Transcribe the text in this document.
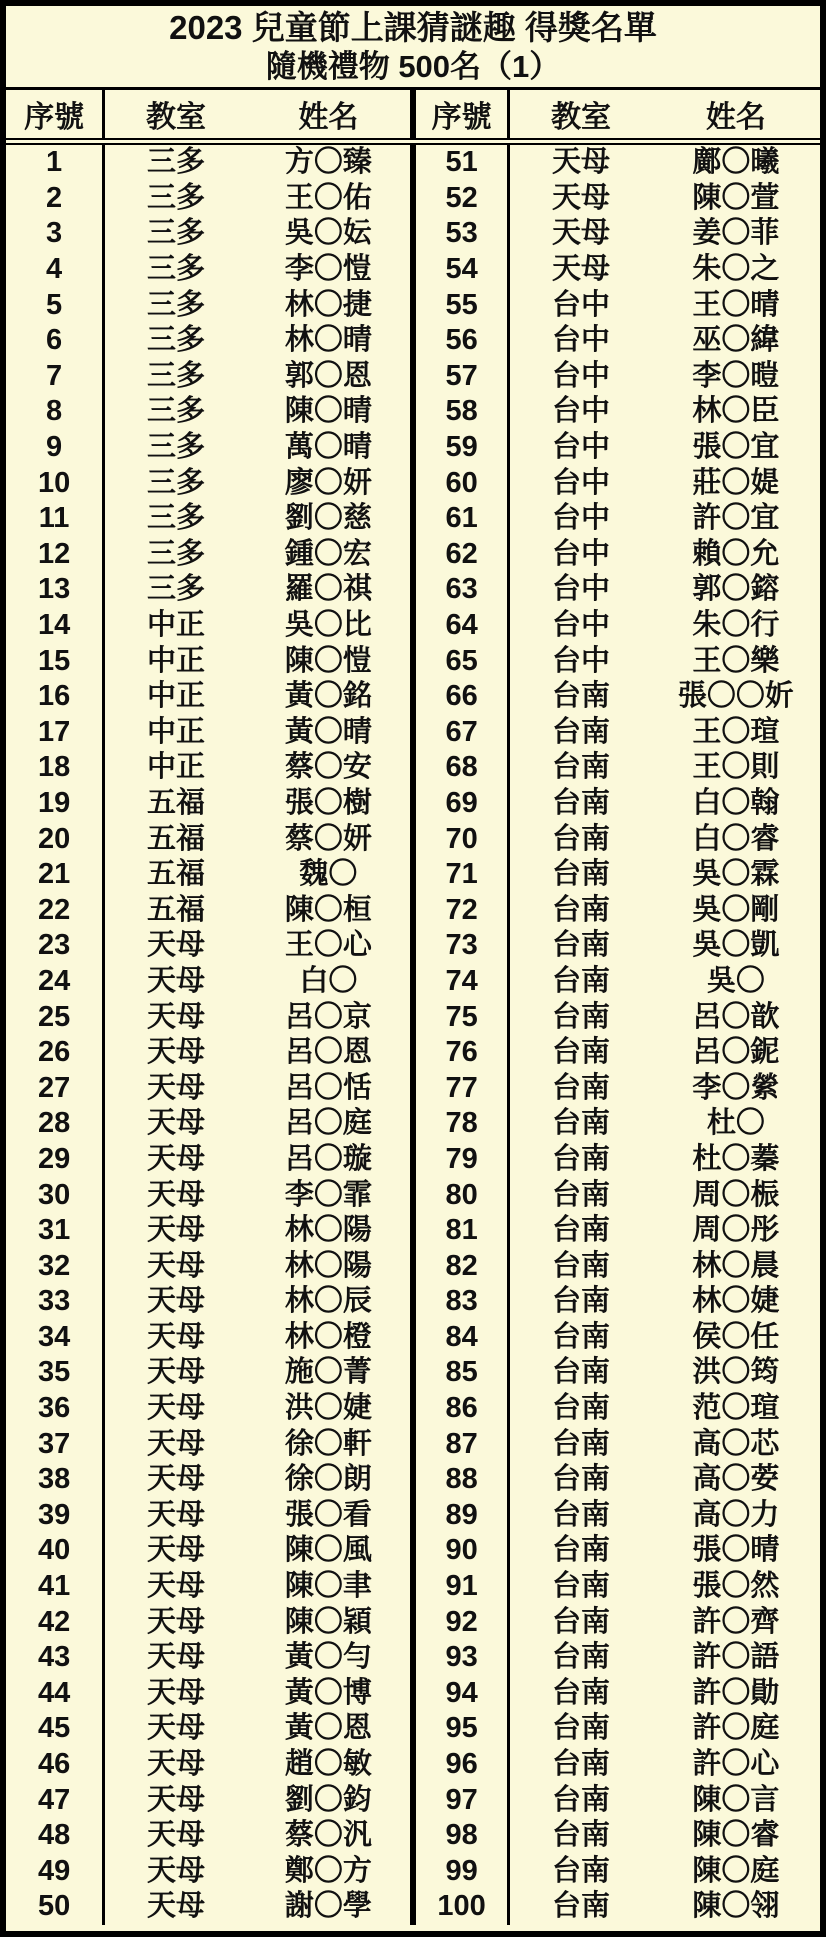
2023 兒童節上課猜謎趣 得獎名單
隨機禮物 500名（1）
序號	教室	姓名	序號	教室	姓名
1	三多	方〇臻	51	天母	鄺〇曦
2	三多	王〇佑	52	天母	陳〇萱
3	三多	吳〇妘	53	天母	姜〇菲
4	三多	李〇愷	54	天母	朱〇之
5	三多	林〇捷	55	台中	王〇晴
6	三多	林〇晴	56	台中	巫〇緯
7	三多	郭〇恩	57	台中	李〇暟
8	三多	陳〇晴	58	台中	林〇臣
9	三多	萬〇晴	59	台中	張〇宜
10	三多	廖〇妍	60	台中	莊〇媞
11	三多	劉〇慈	61	台中	許〇宜
12	三多	鍾〇宏	62	台中	賴〇允
13	三多	羅〇祺	63	台中	郭〇鎔
14	中正	吳〇比	64	台中	朱〇行
15	中正	陳〇愷	65	台中	王〇樂
16	中正	黃〇銘	66	台南	張〇〇妡
17	中正	黃〇晴	67	台南	王〇瑄
18	中正	蔡〇安	68	台南	王〇則
19	五福	張〇樹	69	台南	白〇翰
20	五福	蔡〇妍	70	台南	白〇睿
21	五福	魏〇	71	台南	吳〇霖
22	五福	陳〇桓	72	台南	吳〇剛
23	天母	王〇心	73	台南	吳〇凱
24	天母	白〇	74	台南	吳〇
25	天母	呂〇京	75	台南	呂〇歆
26	天母	呂〇恩	76	台南	呂〇鈮
27	天母	呂〇恬	77	台南	李〇縈
28	天母	呂〇庭	78	台南	杜〇
29	天母	呂〇璇	79	台南	杜〇蓁
30	天母	李〇霏	80	台南	周〇桭
31	天母	林〇陽	81	台南	周〇彤
32	天母	林〇陽	82	台南	林〇晨
33	天母	林〇辰	83	台南	林〇婕
34	天母	林〇橙	84	台南	侯〇任
35	天母	施〇菁	85	台南	洪〇筠
36	天母	洪〇婕	86	台南	范〇瑄
37	天母	徐〇軒	87	台南	高〇芯
38	天母	徐〇朗	88	台南	高〇荌
39	天母	張〇看	89	台南	高〇力
40	天母	陳〇風	90	台南	張〇晴
41	天母	陳〇聿	91	台南	張〇然
42	天母	陳〇穎	92	台南	許〇齊
43	天母	黃〇勻	93	台南	許〇語
44	天母	黃〇博	94	台南	許〇勛
45	天母	黃〇恩	95	台南	許〇庭
46	天母	趙〇敏	96	台南	許〇心
47	天母	劉〇鈞	97	台南	陳〇言
48	天母	蔡〇汎	98	台南	陳〇睿
49	天母	鄭〇方	99	台南	陳〇庭
50	天母	謝〇學	100	台南	陳〇翎
